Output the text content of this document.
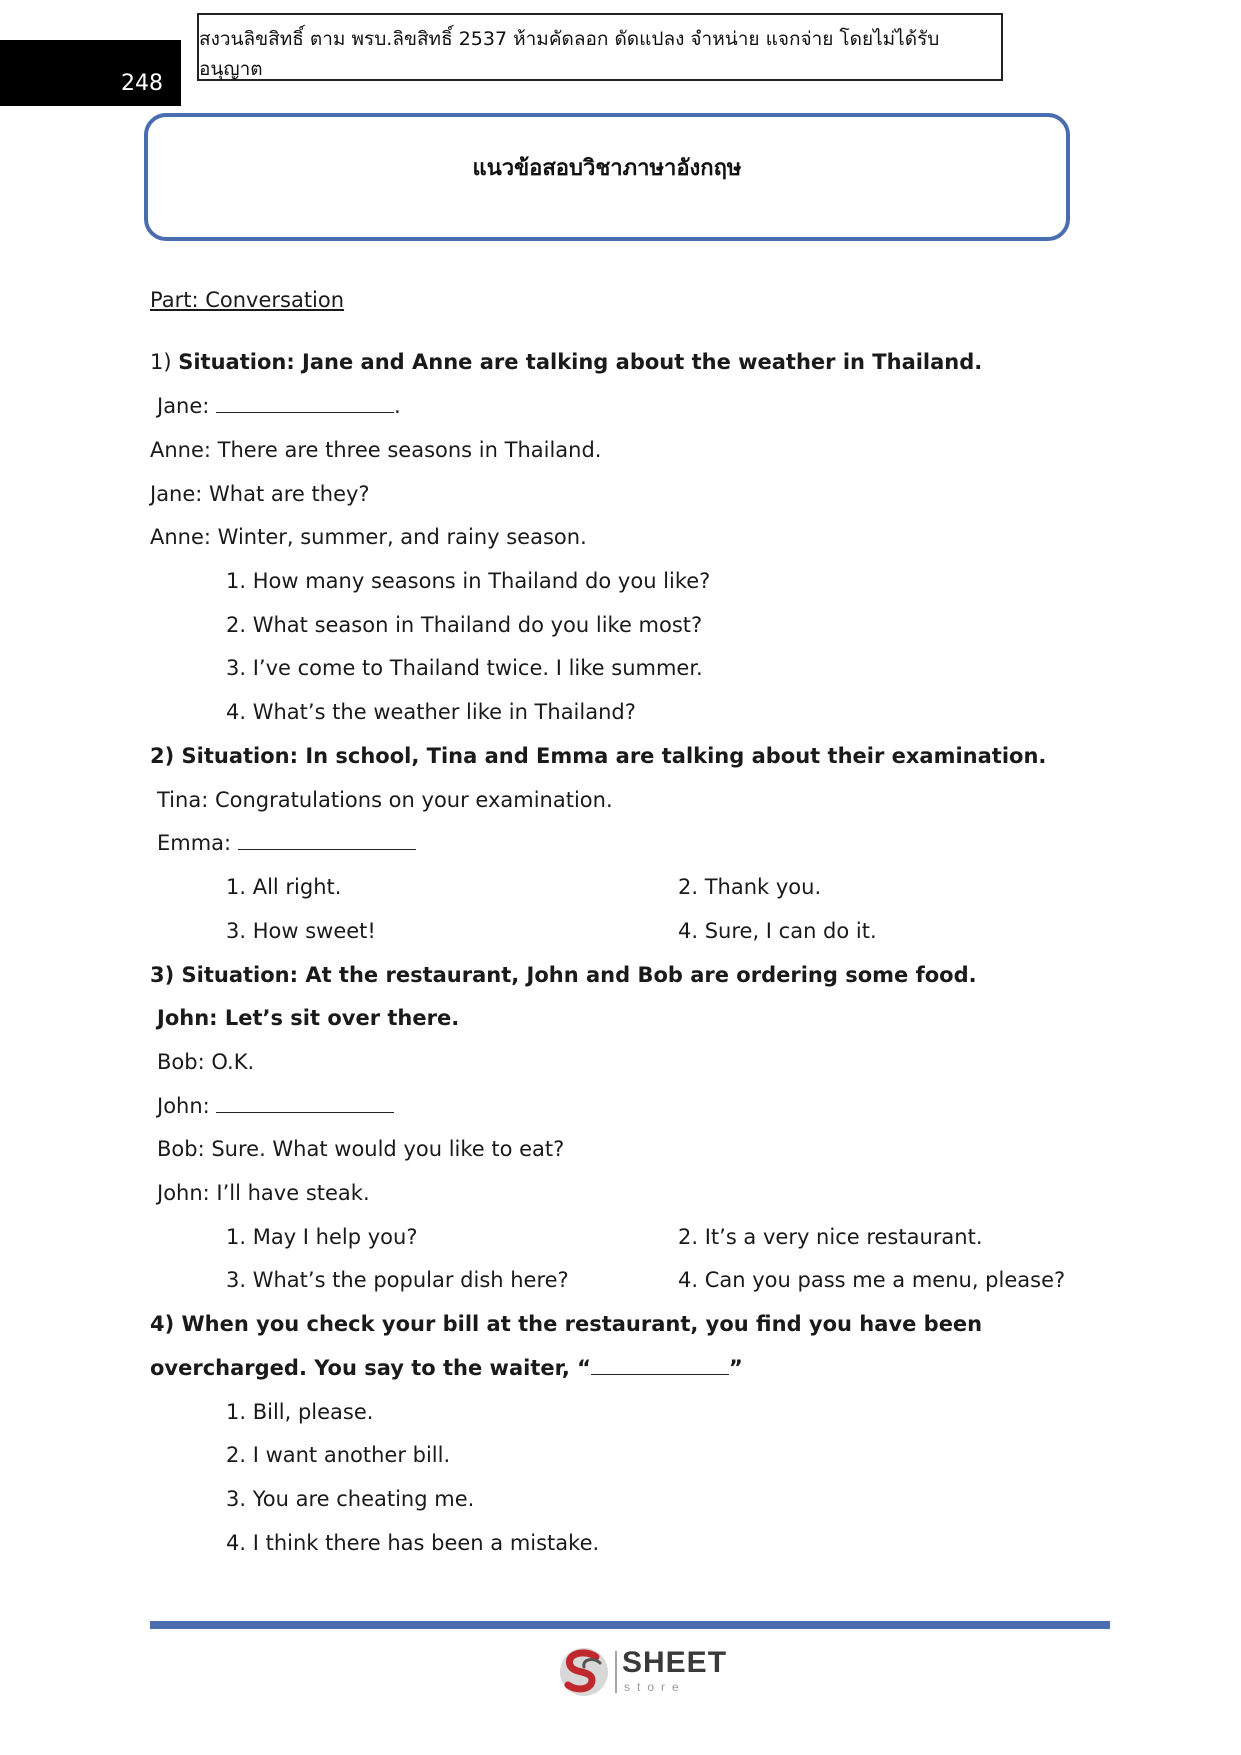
248
สงวนลิขสิทธิ์ ตาม พรบ.ลิขสิทธิ์ 2537 ห้ามคัดลอก ดัดแปลง จำหน่าย แจกจ่าย โดยไม่ได้รับอนุญาต
แนวข้อสอบวิชาภาษาอังกฤษ
Part: Conversation
1) Situation: Jane and Anne are talking about the weather in Thailand.
Jane:	.
Anne: There are three seasons in Thailand.
Jane: What are they?
Anne: Winter, summer, and rainy season.
1. How many seasons in Thailand do you like?
2. What season in Thailand do you like most?
3. I’ve come to Thailand twice. I like summer.
4. What’s the weather like in Thailand?
2) Situation: In school, Tina and Emma are talking about their examination.
Tina: Congratulations on your examination.
Emma:
1. All right.	2. Thank you.
3. How sweet!	4. Sure, I can do it.
3) Situation: At the restaurant, John and Bob are ordering some food.
John: Let’s sit over there.
Bob: O.K.
John:
Bob: Sure. What would you like to eat?
John: I’ll have steak.
1. May I help you?	2. It’s a very nice restaurant.
3. What’s the popular dish here?	4. Can you pass me a menu, please?
4) When you check your bill at the restaurant, you find you have been
overcharged. You say to the waiter, “	”
1. Bill, please.
2. I want another bill.
3. You are cheating me.
4. I think there has been a mistake.
SHEET
store
